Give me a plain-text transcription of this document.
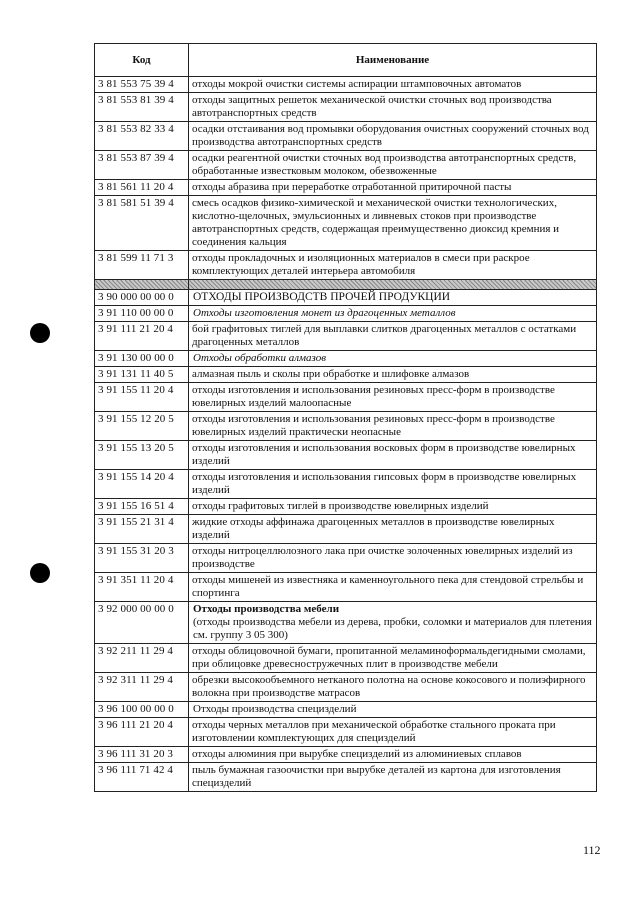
Код	Наименование
3 81 553 75 39 4	отходы мокрой очистки системы аспирации штамповочных автоматов
3 81 553 81 39 4	отходы защитных решеток механической очистки сточных вод производства автотранспортных средств
3 81 553 82 33 4	осадки отстаивания вод промывки оборудования очистных сооружений сточных вод производства автотранспортных средств
3 81 553 87 39 4	осадки реагентной очистки сточных вод производства автотранспортных средств, обработанные известковым молоком, обезвоженные
3 81 561 11 20 4	отходы абразива при переработке отработанной притирочной пасты
3 81 581 51 39 4	смесь осадков физико-химической и механической очистки технологических, кислотно-щелочных, эмульсионных и ливневых стоков при производстве автотранспортных средств, содержащая преимущественно диоксид кремния и соединения кальция
3 81 599 11 71 3	отходы прокладочных и изоляционных материалов в смеси при раскрое комплектующих деталей интерьера автомобиля

3 90 000 00 00 0	ОТХОДЫ ПРОИЗВОДСТВ ПРОЧЕЙ ПРОДУКЦИИ
3 91 110 00 00 0	Отходы изготовления монет из драгоценных металлов
3 91 111 21 20 4	бой графитовых тиглей для выплавки слитков драгоценных металлов с остатками драгоценных металлов
3 91 130 00 00 0	Отходы обработки алмазов
3 91 131 11 40 5	алмазная пыль и сколы при обработке и шлифовке алмазов
3 91 155 11 20 4	отходы изготовления и использования резиновых пресс-форм в производстве ювелирных изделий малоопасные
3 91 155 12 20 5	отходы изготовления и использования резиновых пресс-форм в производстве ювелирных изделий практически неопасные
3 91 155 13 20 5	отходы изготовления и использования восковых форм в производстве ювелирных изделий
3 91 155 14 20 4	отходы изготовления и использования гипсовых форм в производстве ювелирных изделий
3 91 155 16 51 4	отходы графитовых тиглей в производстве ювелирных изделий
3 91 155 21 31 4	жидкие отходы аффинажа драгоценных металлов в производстве ювелирных изделий
3 91 155 31 20 3	отходы нитроцеллюлозного лака при очистке золоченных ювелирных изделий из производстве
3 91 351 11 20 4	отходы мишеней из известняка и каменноугольного пека для стендовой стрельбы и спортинга
3 92 000 00 00 0	Отходы производства мебели
(отходы производства мебели из дерева, пробки, соломки и материалов для плетения см. группу 3 05 300)
3 92 211 11 29 4	отходы облицовочной бумаги, пропитанной меламиноформальдегидными смолами, при облицовке древесностружечных плит в производстве мебели
3 92 311 11 29 4	обрезки высокообъемного нетканого полотна на основе кокосового и полиэфирного волокна при производстве матрасов
3 96 100 00 00 0	Отходы производства специзделий
3 96 111 21 20 4	отходы черных металлов при механической обработке стального проката при изготовлении комплектующих для специзделий
3 96 111 31 20 3	отходы алюминия при вырубке специзделий из алюминиевых сплавов
3 96 111 71 42 4	пыль бумажная газоочистки при вырубке деталей из картона для изготовления специзделий
112
